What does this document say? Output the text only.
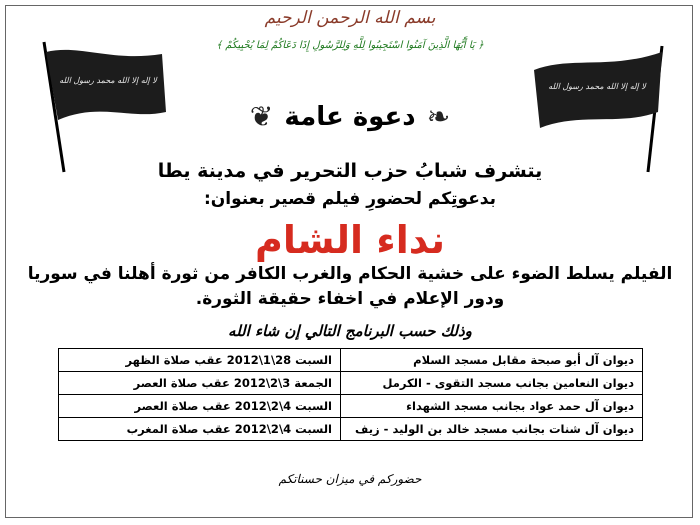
بسم الله الرحمن الرحيم
﴿ يَا أَيُّهَا الَّذِينَ آمَنُوا اسْتَجِيبُوا لِلَّهِ وَلِلرَّسُولِ إِذَا دَعَاكُمْ لِمَا يُحْيِيكُمْ ﴾
لا إله إلا الله محمد رسول الله
لا إله إلا الله محمد رسول الله
❦ دعوة عامة ❧
يتشرف شبابُ حزب التحرير في مدينة يطا
بدعوتِكم لحضورِ فيلم قصير بعنوان:
نداء الشام
الفيلم يسلط الضوء على خشية الحكام والغرب الكافر من ثورة أهلنا في سوريا
ودور الإعلام في اخفاء حقيقة الثورة.
وذلك حسب البرنامج التالي إن شاء الله
ديوان آل أبو صبحة مقابل مسجد السلام	السبت 28\1\2012 عقب صلاة الظهر
ديوان النعامين بجانب مسجد التقوى - الكرمل	الجمعة 3\2\2012 عقب صلاة العصر
ديوان آل حمد عواد بجانب مسجد الشهداء	السبت 4\2\2012 عقب صلاة العصر
ديوان آل شنات بجانب مسجد خالد بن الوليد - زيف	السبت 4\2\2012 عقب صلاة المغرب
حضوركم في ميزان حسناتكم
